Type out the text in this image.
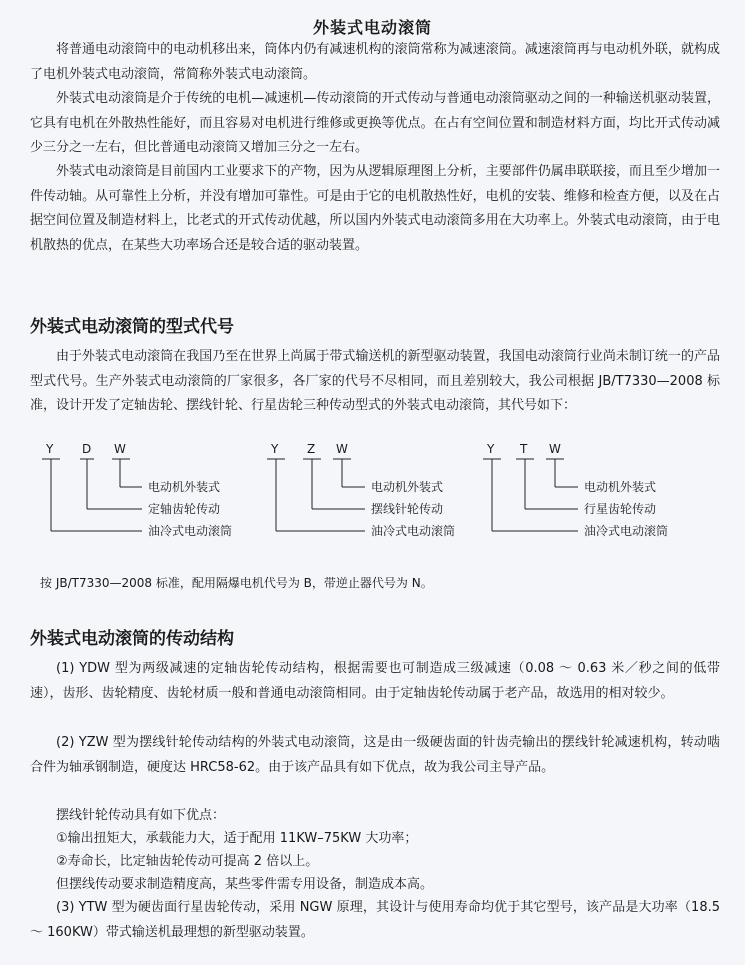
外装式电动滚筒

将普通电动滚筒中的电动机移出来，筒体内仍有减速机构的滚筒常称为减速滚筒。减速滚筒再与电动机外联，就构成了电机外装式电动滚筒，常简称外装式电动滚筒。

外装式电动滚筒是介于传统的电机—减速机—传动滚筒的开式传动与普通电动滚筒驱动之间的一种输送机驱动装置，它具有电机在外散热性能好，而且容易对电机进行维修或更换等优点。在占有空间位置和制造材料方面，均比开式传动减少三分之一左右，但比普通电动滚筒又增加三分之一左右。

外装式电动滚筒是目前国内工业要求下的产物，因为从逻辑原理图上分析，主要部件仍属串联联接，而且至少增加一件传动轴。从可靠性上分析，并没有增加可靠性。可是由于它的电机散热性好，电机的安装、维修和检查方便，以及在占据空间位置及制造材料上，比老式的开式传动优越，所以国内外装式电动滚筒多用在大功率上。外装式电动滚筒，由于电机散热的优点，在某些大功率场合还是较合适的驱动装置。

外装式电动滚筒的型式代号

由于外装式电动滚筒在我国乃至在世界上尚属于带式输送机的新型驱动装置，我国电动滚筒行业尚未制订统一的产品型式代号。生产外装式电动滚筒的厂家很多，各厂家的代号不尽相同，而且差别较大，我公司根据 JB/T7330—2008 标准，设计开发了定轴齿轮、摆线针轮、行星齿轮三种传动型式的外装式电动滚筒，其代号如下：

Y D W
电动机外装式
定轴齿轮传动
油冷式电动滚筒
Y Z W
电动机外装式
摆线针轮传动
油冷式电动滚筒
Y T W
电动机外装式
行星齿轮传动
油冷式电动滚筒

按 JB/T7330—2008 标准，配用隔爆电机代号为 B，带逆止器代号为 N。

外装式电动滚筒的传动结构

(1) YDW 型为两级减速的定轴齿轮传动结构，根据需要也可制造成三级减速（0.08 ～ 0.63 米／秒之间的低带速），齿形、齿轮精度、齿轮材质一般和普通电动滚筒相同。由于定轴齿轮传动属于老产品，故选用的相对较少。

(2) YZW 型为摆线针轮传动结构的外装式电动滚筒，这是由一级硬齿面的针齿壳输出的摆线针轮减速机构，转动啮合件为轴承钢制造，硬度达 HRC58-62。由于该产品具有如下优点，故为我公司主导产品。

摆线针轮传动具有如下优点：

①输出扭矩大，承载能力大，适于配用 11KW–75KW 大功率；

②寿命长，比定轴齿轮传动可提高 2 倍以上。

但摆线传动要求制造精度高，某些零件需专用设备，制造成本高。

(3) YTW 型为硬齿面行星齿轮传动，采用 NGW 原理，其设计与使用寿命均优于其它型号，该产品是大功率（18.5 ～ 160KW）带式输送机最理想的新型驱动装置。
